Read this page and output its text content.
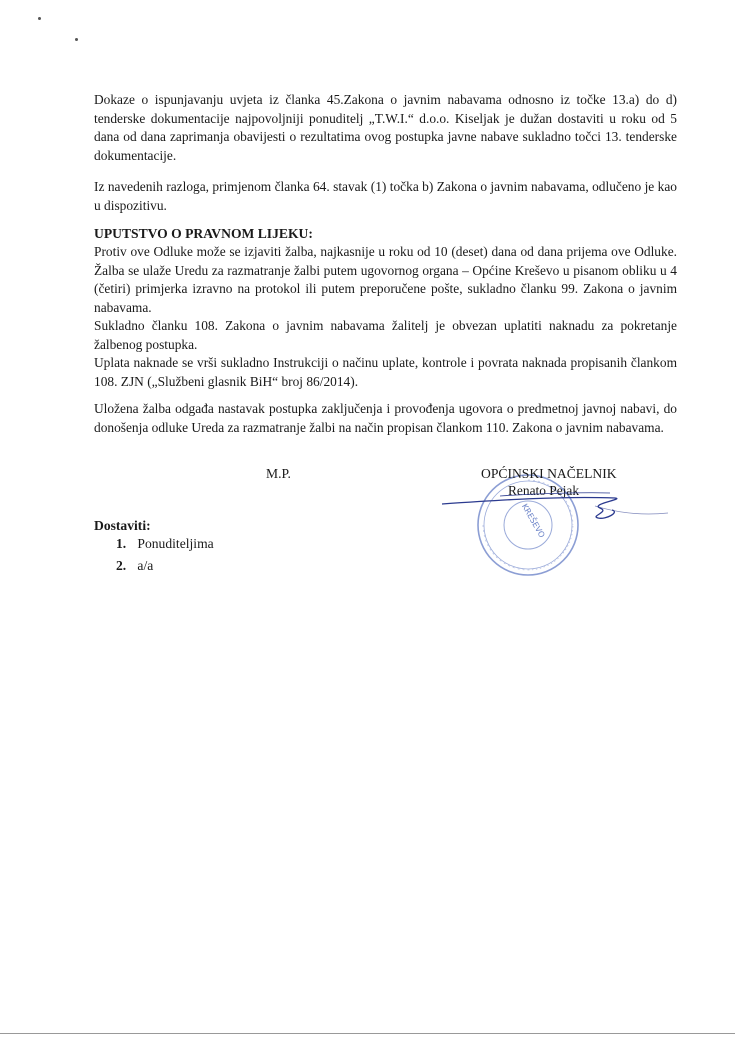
Dokaze o ispunjavanju uvjeta iz članka 45.Zakona o javnim nabavama odnosno iz točke 13.a) do d) tenderske dokumentacije najpovoljniji ponuditelj „T.W.I.“ d.o.o. Kiseljak je dužan dostaviti u roku od 5 dana od dana zaprimanja obavijesti o rezultatima ovog postupka javne nabave sukladno točci 13. tenderske dokumentacije.

Iz navedenih razloga, primjenom članka 64. stavak (1) točka b) Zakona o javnim nabavama, odlučeno je kao u dispozitivu.

UPUTSTVO O PRAVNOM LIJEKU:

Protiv ove Odluke može se izjaviti žalba, najkasnije u roku od 10 (deset) dana od dana prijema ove Odluke. Žalba se ulaže Uredu za razmatranje žalbi putem ugovornog organa – Općine Kreševo u pisanom obliku u 4 (četiri) primjerka izravno na protokol ili putem preporučene pošte, sukladno članku 99. Zakona o javnim nabavama.

Sukladno članku 108. Zakona o javnim nabavama žalitelj je obvezan uplatiti naknadu za pokretanje žalbenog postupka.

Uplata naknade se vrši sukladno Instrukciji o načinu uplate, kontrole i povrata naknada propisanih člankom 108. ZJN („Službeni glasnik BiH“ broj 86/2014).

Uložena žalba odgađa nastavak postupka zaključenja i provođenja ugovora o predmetnoj javnoj nabavi, do donošenja odluke Ureda za razmatranje žalbi na način propisan člankom 110. Zakona o javnim nabavama.

M.P.
KREŠEVO
OPĆINSKI NAČELNIK
Renato Pejak
Dostaviti:
1. Ponuditeljima
2. a/a
